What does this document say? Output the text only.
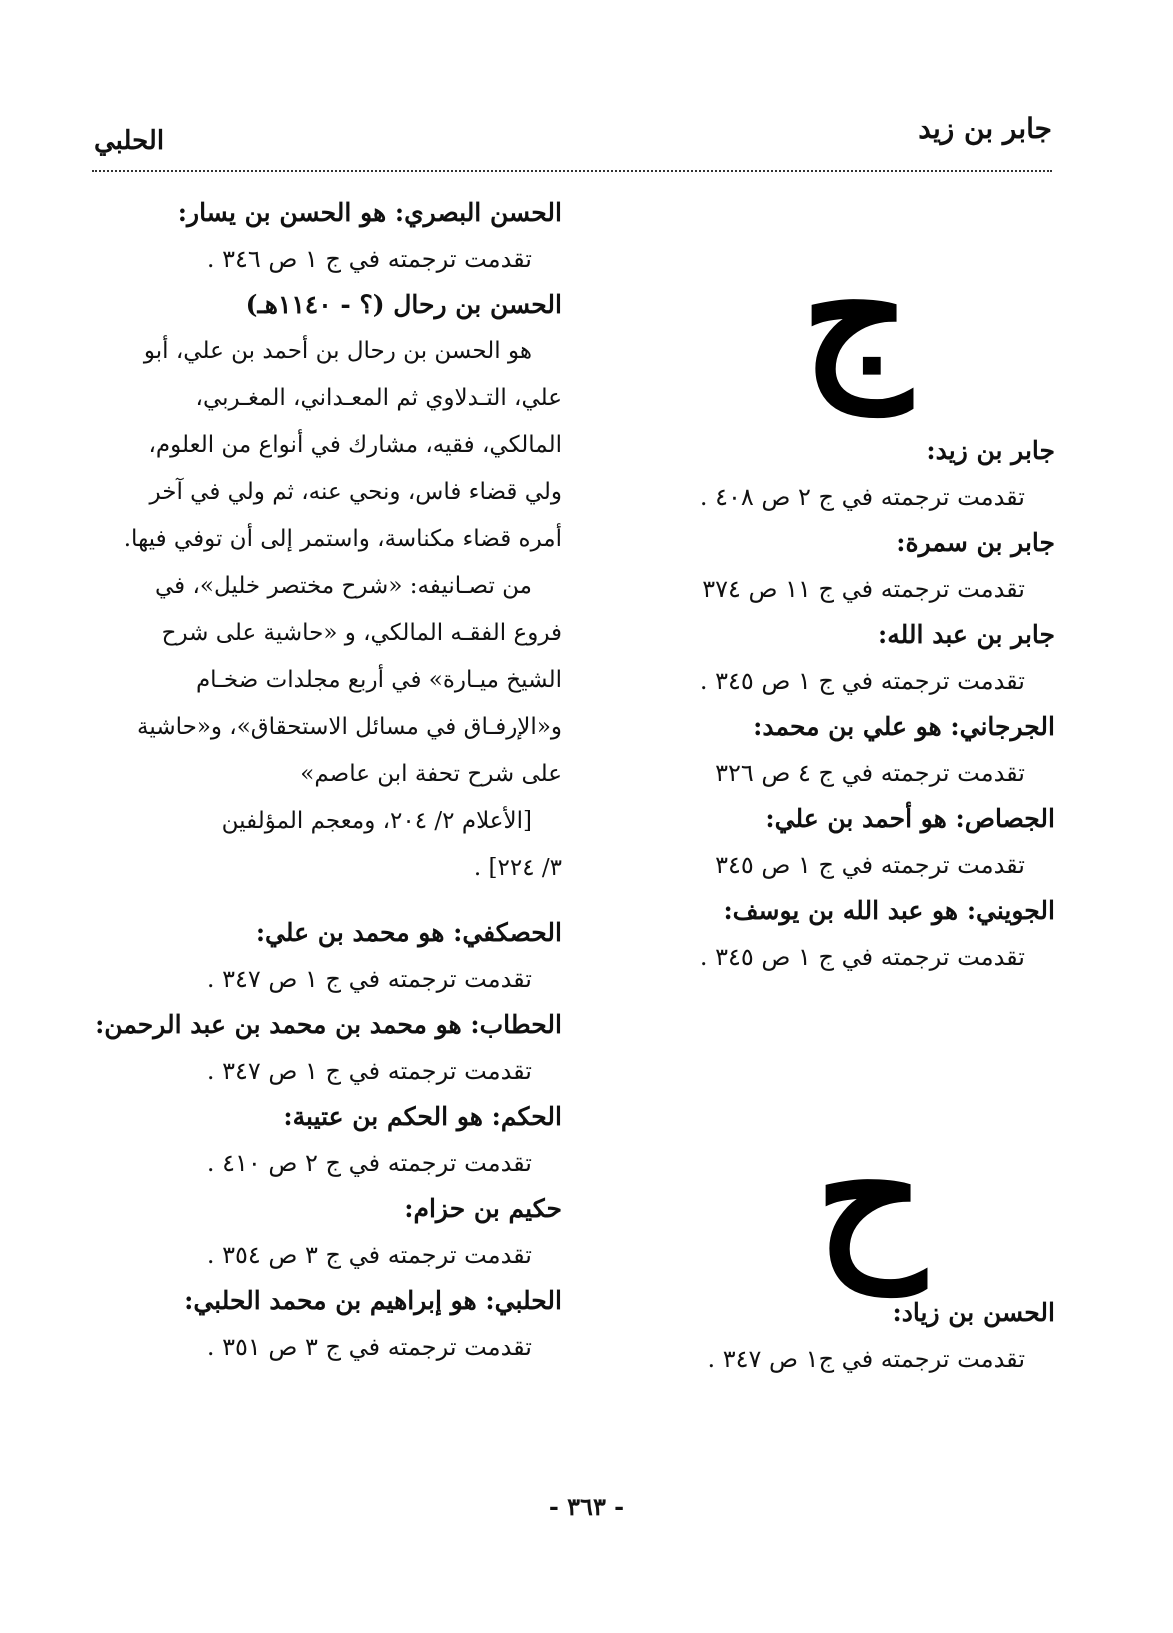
جابر بن زيد
الحلبي
ج
ح
جابر بن زيد:
تقدمت ترجمته في ج ٢ ص ٤٠٨ .
جابر بن سمرة:
تقدمت ترجمته في ج ١١ ص ٣٧٤
جابر بن عبد الله:
تقدمت ترجمته في ج ١ ص ٣٤٥ .
الجرجاني: هو علي بن محمد:
تقدمت ترجمته في ج ٤ ص ٣٢٦
الجصاص: هو أحمد بن علي:
تقدمت ترجمته في ج ١ ص ٣٤٥
الجويني: هو عبد الله بن يوسف:
تقدمت ترجمته في ج ١ ص ٣٤٥ .
الحسن بن زياد:
تقدمت ترجمته في ج١ ص ٣٤٧ .
الحسن البصري: هو الحسن بن يسار:
تقدمت ترجمته في ج ١ ص ٣٤٦ .
الحسن بن رحال (؟ - ١١٤٠هـ)
هو الحسن بن رحال بن أحمد بن علي، أبو
علي، التـدلاوي ثم المعـداني، المغـربي،
المالكي، فقيه، مشارك في أنواع من العلوم،
ولي قضاء فاس، ونحي عنه، ثم ولي في آخر
أمره قضاء مكناسة، واستمر إلى أن توفي فيها.
من تصـانيفه: «شرح مختصر خليل»، في
فروع الفقـه المالكي، و «حاشية على شرح
الشيخ ميـارة» في أربع مجلدات ضخـام
و«الإرفـاق في مسائل الاستحقاق»، و«حاشية
على شرح تحفة ابن عاصم»
[الأعلام ٢/ ٢٠٤، ومعجم المؤلفين
٣/ ٢٢٤] .
الحصكفي: هو محمد بن علي:
تقدمت ترجمته في ج ١ ص ٣٤٧ .
الحطاب: هو محمد بن محمد بن عبد الرحمن:
تقدمت ترجمته في ج ١ ص ٣٤٧ .
الحكم: هو الحكم بن عتيبة:
تقدمت ترجمته في ج ٢ ص ٤١٠ .
حكيم بن حزام:
تقدمت ترجمته في ج ٣ ص ٣٥٤ .
الحلبي: هو إبراهيم بن محمد الحلبي:
تقدمت ترجمته في ج ٣ ص ٣٥١ .
- ٣٦٣ -
